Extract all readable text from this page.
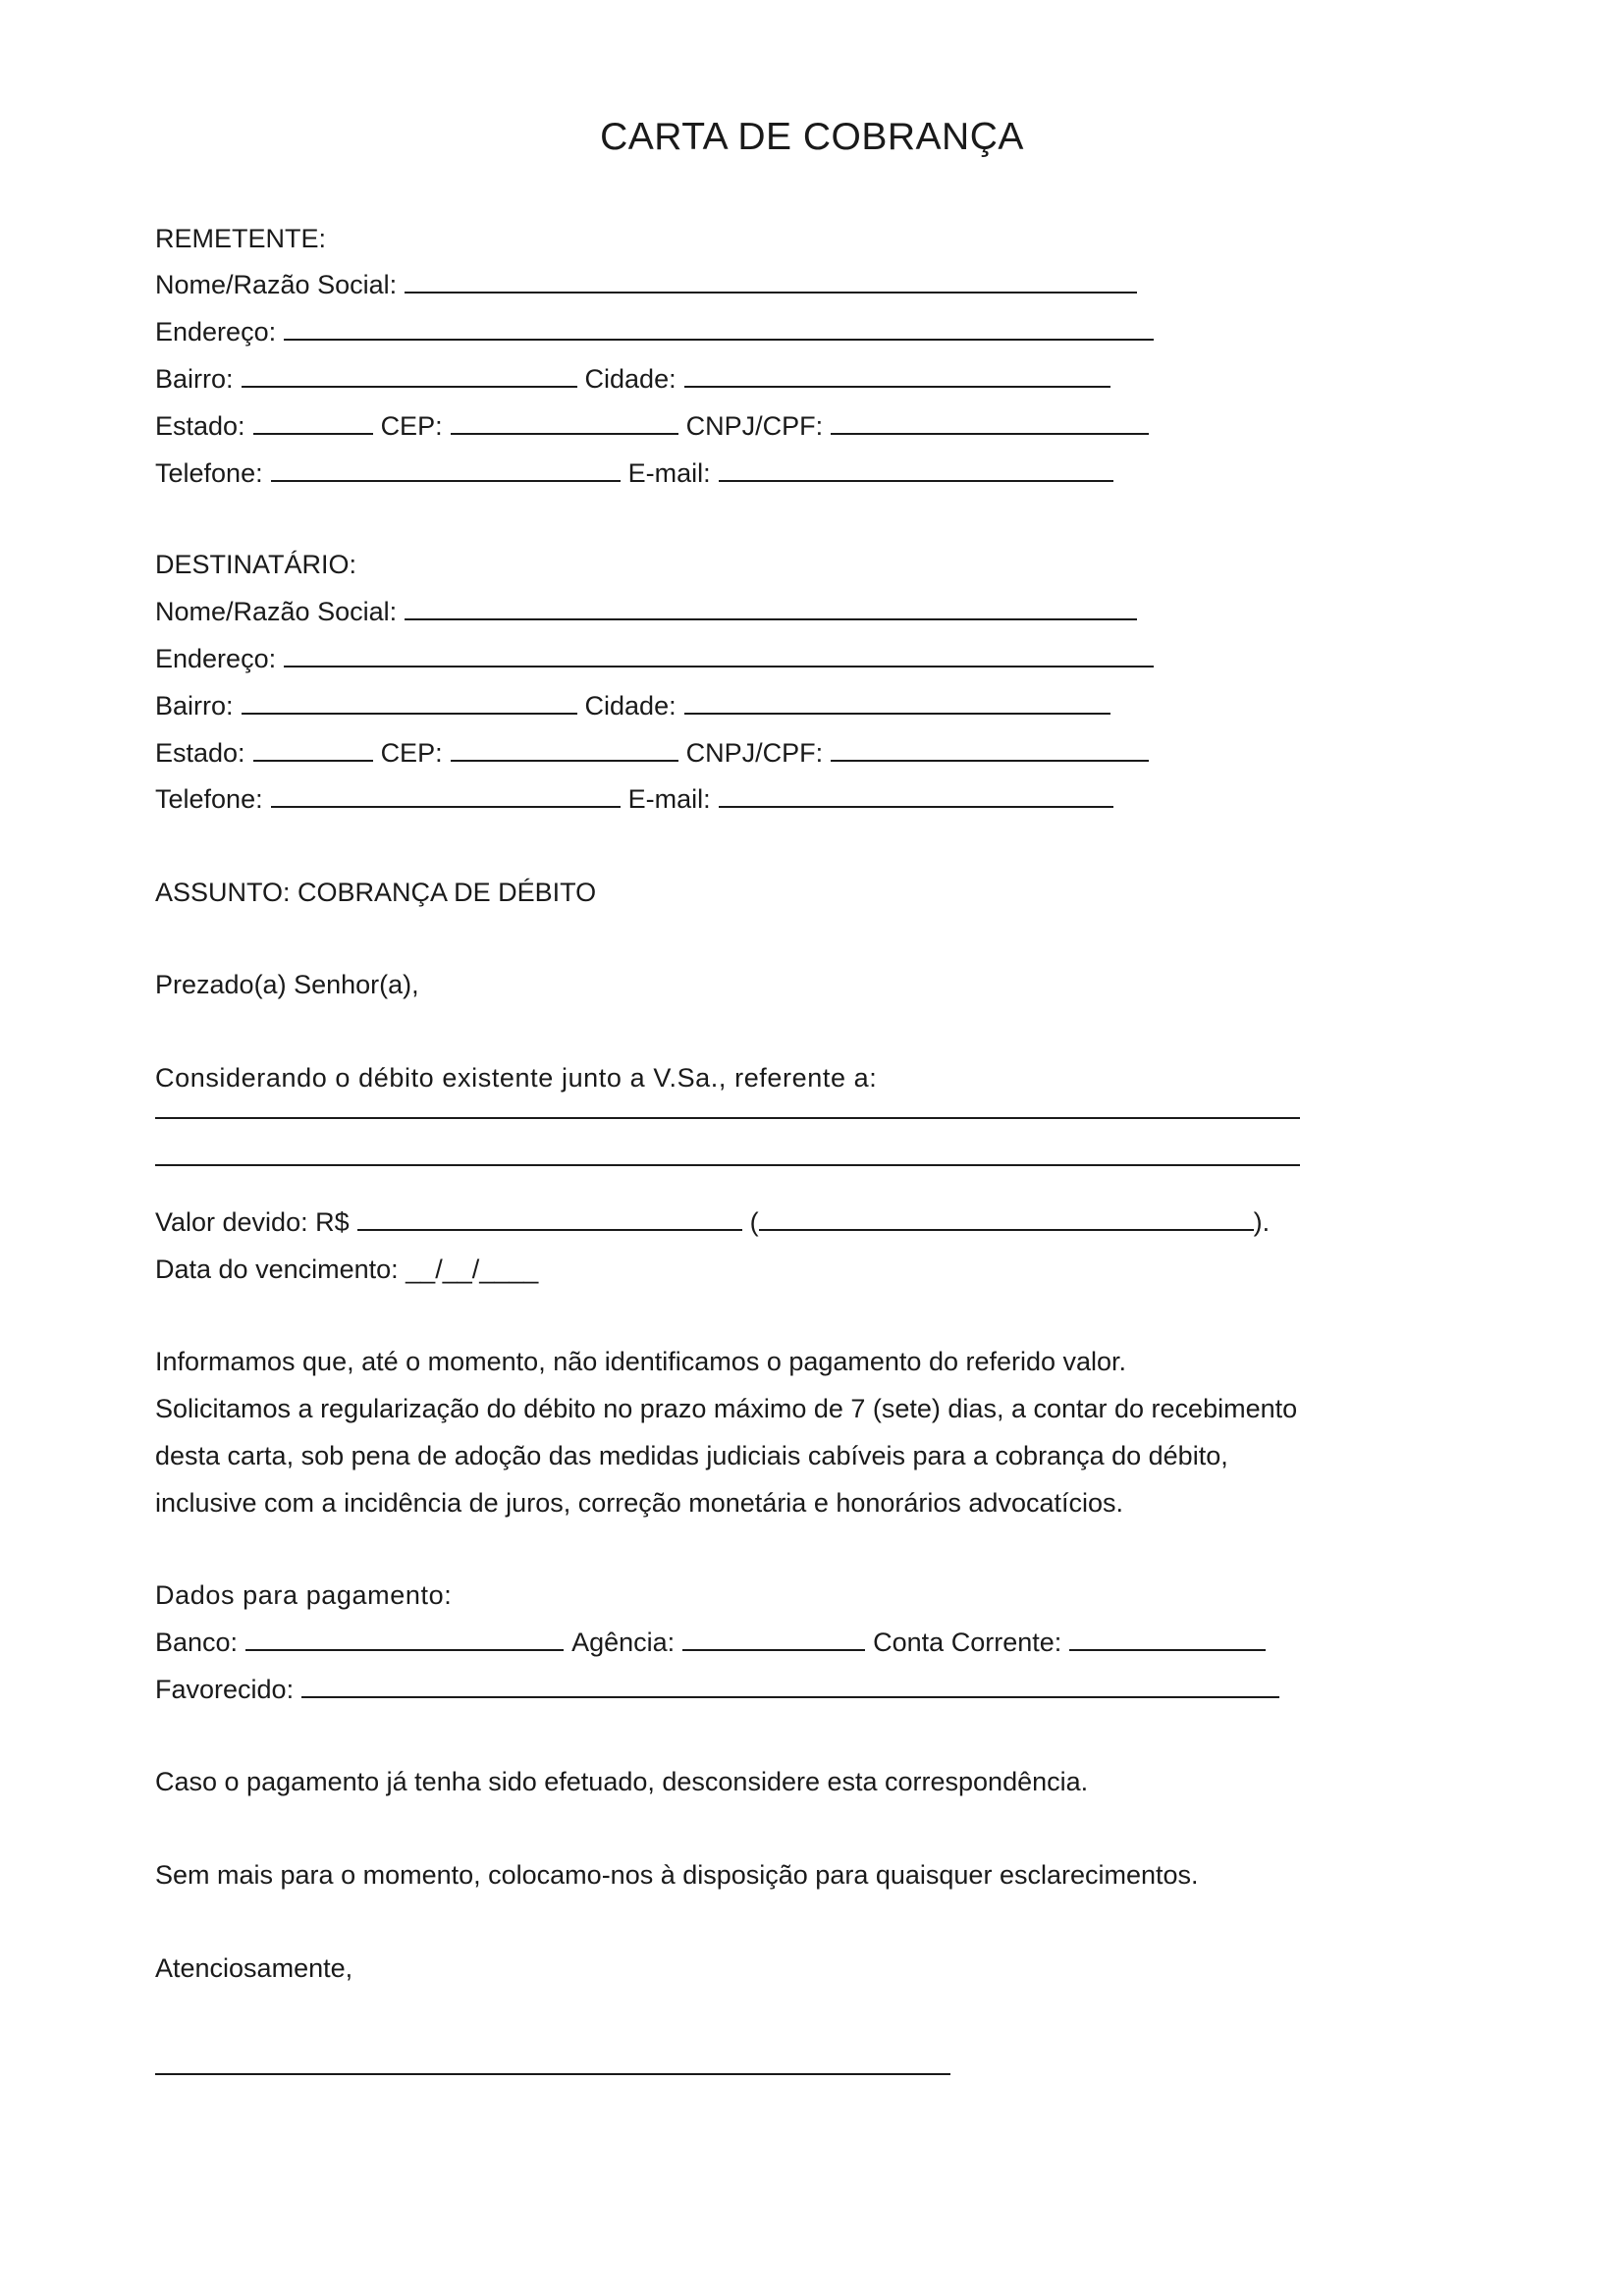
CARTA DE COBRANÇA
REMETENTE:
Nome/Razão Social:
Endereço:
Bairro:	Cidade:
Estado:	CEP:	CNPJ/CPF:
Telefone:	E-mail:
DESTINATÁRIO:
Nome/Razão Social:
Endereço:
Bairro:	Cidade:
Estado:	CEP:	CNPJ/CPF:
Telefone:	E-mail:
ASSUNTO: COBRANÇA DE DÉBITO
Prezado(a) Senhor(a),
Considerando o débito existente junto a V.Sa., referente a:
Valor devido: R$	(	).
Data do vencimento: __/__/____
Informamos que, até o momento, não identificamos o pagamento do referido valor.
Solicitamos a regularização do débito no prazo máximo de 7 (sete) dias, a contar do recebimento
desta carta, sob pena de adoção das medidas judiciais cabíveis para a cobrança do débito,
inclusive com a incidência de juros, correção monetária e honorários advocatícios.
Dados para pagamento:
Banco:	Agência:	Conta Corrente:
Favorecido:
Caso o pagamento já tenha sido efetuado, desconsidere esta correspondência.
Sem mais para o momento, colocamo-nos à disposição para quaisquer esclarecimentos.
Atenciosamente,
